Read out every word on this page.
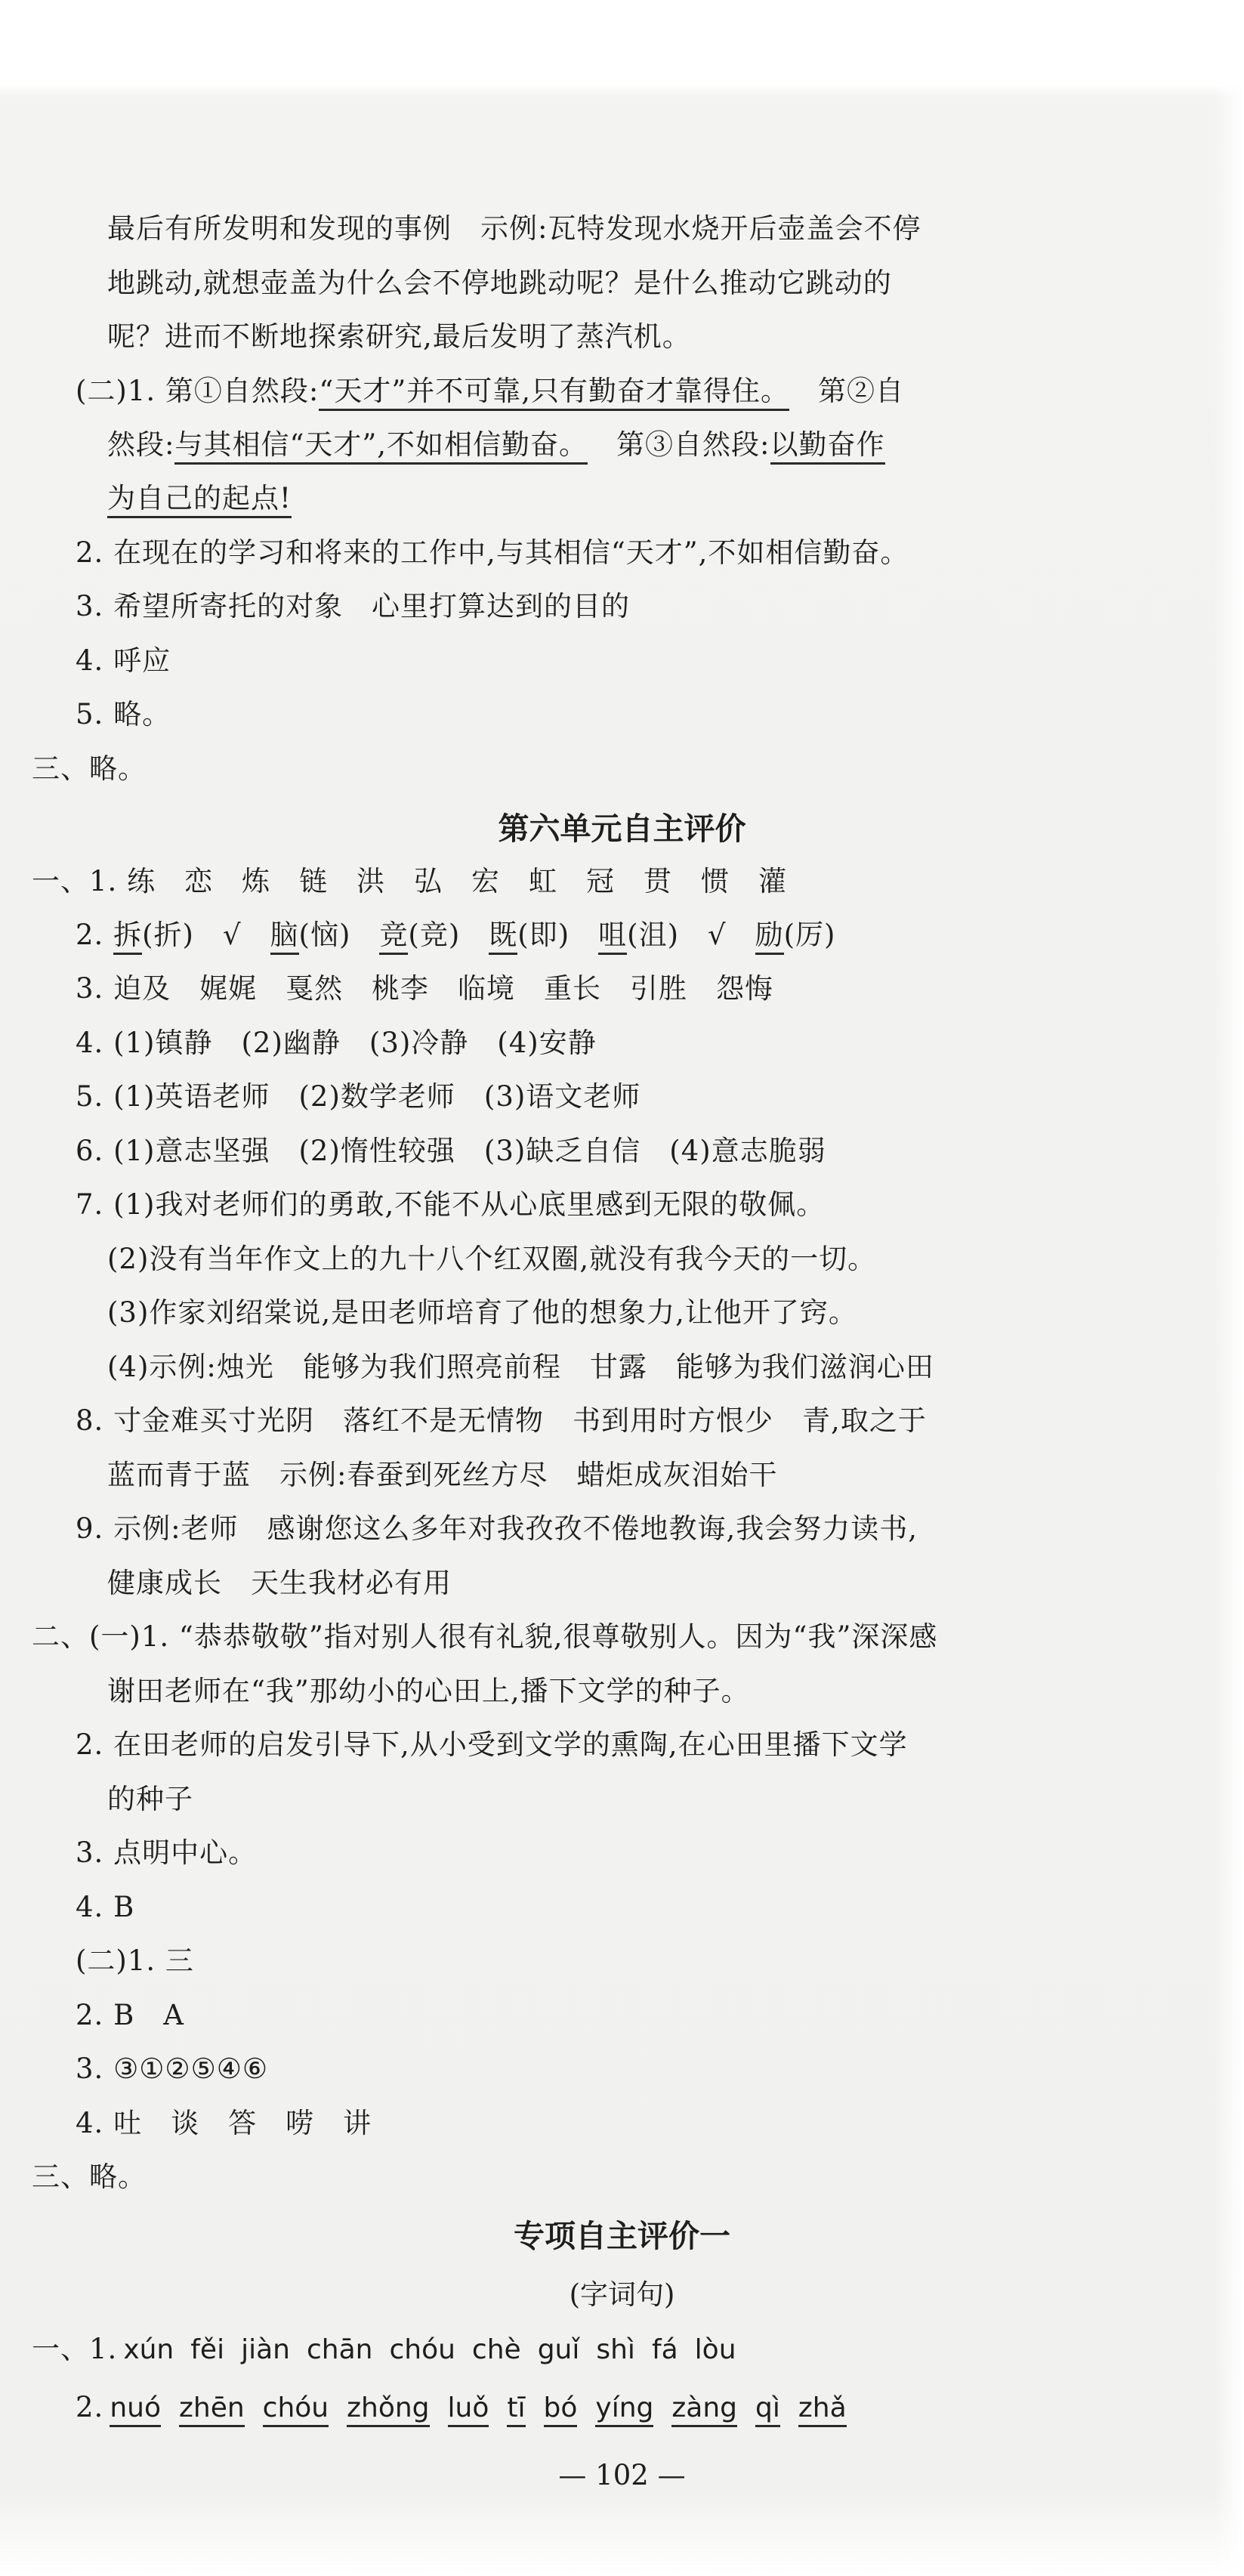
最后有所发明和发现的事例　示例:瓦特发现水烧开后壶盖会不停
地跳动,就想壶盖为什么会不停地跳动呢？是什么推动它跳动的
呢？进而不断地探索研究,最后发明了蒸汽机。
(二)1. 第①自然段:“天才”并不可靠,只有勤奋才靠得住。　第②自
然段:与其相信“天才”,不如相信勤奋。　第③自然段:以勤奋作
为自己的起点!
2. 在现在的学习和将来的工作中,与其相信“天才”,不如相信勤奋。
3. 希望所寄托的对象　心里打算达到的目的
4. 呼应
5. 略。
三、略。
第六单元自主评价
一、1. 练　恋　炼　链　洪　弘　宏　虹　冠　贯　惯　灌
2. 拆(折)　√　脑(恼)　竞(竞)　既(即)　咀(沮)　√　励(厉)
3. 迫及　娓娓　戛然　桃李　临境　重长　引胜　怨悔
4. (1)镇静　(2)幽静　(3)冷静　(4)安静
5. (1)英语老师　(2)数学老师　(3)语文老师
6. (1)意志坚强　(2)惰性较强　(3)缺乏自信　(4)意志脆弱
7. (1)我对老师们的勇敢,不能不从心底里感到无限的敬佩。
(2)没有当年作文上的九十八个红双圈,就没有我今天的一切。
(3)作家刘绍棠说,是田老师培育了他的想象力,让他开了窍。
(4)示例:烛光　能够为我们照亮前程　甘露　能够为我们滋润心田
8. 寸金难买寸光阴　落红不是无情物　书到用时方恨少　青,取之于
蓝而青于蓝　示例:春蚕到死丝方尽　蜡炬成灰泪始干
9. 示例:老师　感谢您这么多年对我孜孜不倦地教诲,我会努力读书,
健康成长　天生我材必有用
二、(一)1. “恭恭敬敬”指对别人很有礼貌,很尊敬别人。因为“我”深深感
谢田老师在“我”那幼小的心田上,播下文学的种子。
2. 在田老师的启发引导下,从小受到文学的熏陶,在心田里播下文学
的种子
3. 点明中心。
4. B
(二)1. 三
2. B　A
3. ③①②⑤④⑥
4. 吐　谈　答　唠　讲
三、略。
专项自主评价一
(字词句)
一、1. xún fěi jiàn chān chóu chè guǐ shì fá lòu
2. nuó zhēn chóu zhǒng luǒ tī bó yíng zàng qì zhǎ
— 102 —
